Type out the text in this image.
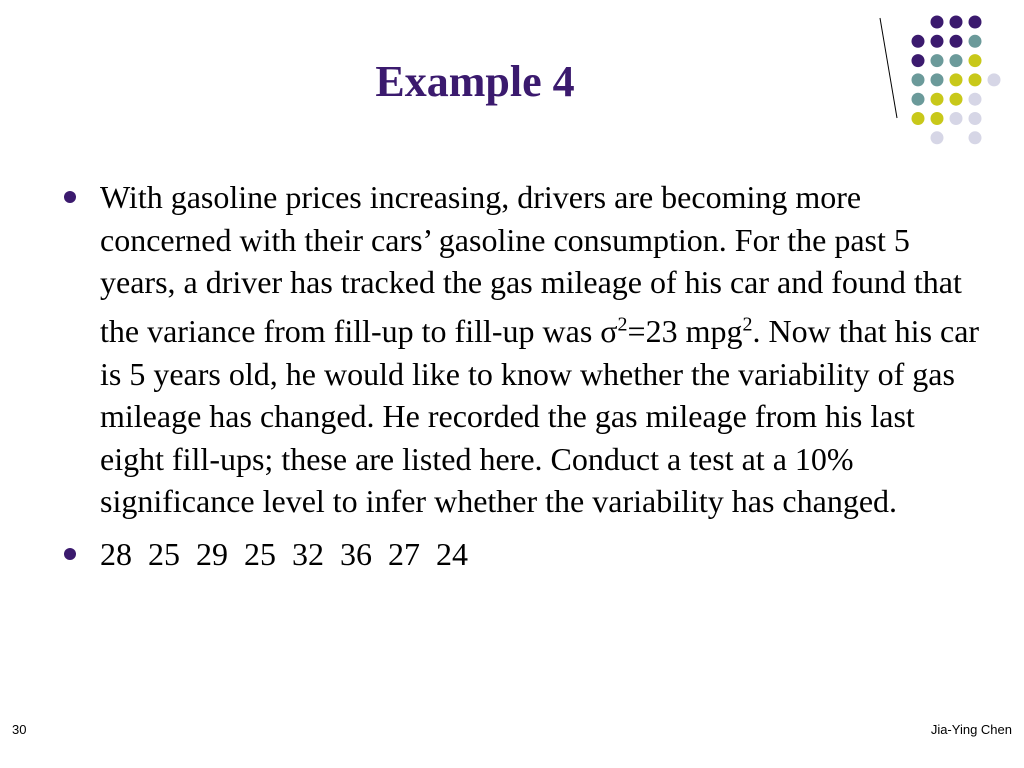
Example 4
With gasoline prices increasing, drivers are becoming more concerned with their cars’ gasoline consumption. For the past 5 years, a driver has tracked the gas mileage of his car and found that the variance from fill-up to fill-up was $\sigma^2=23$ mpg$^2$. Now that his car is 5 years old, he would like to know whether the variability of gas mileage has changed. He recorded the gas mileage from his last eight fill-ups; these are listed here. Conduct a test at a 10% significance level to infer whether the variability has changed.
28  25  29  25  32  36  27  24
30	Jia-Ying Chen
